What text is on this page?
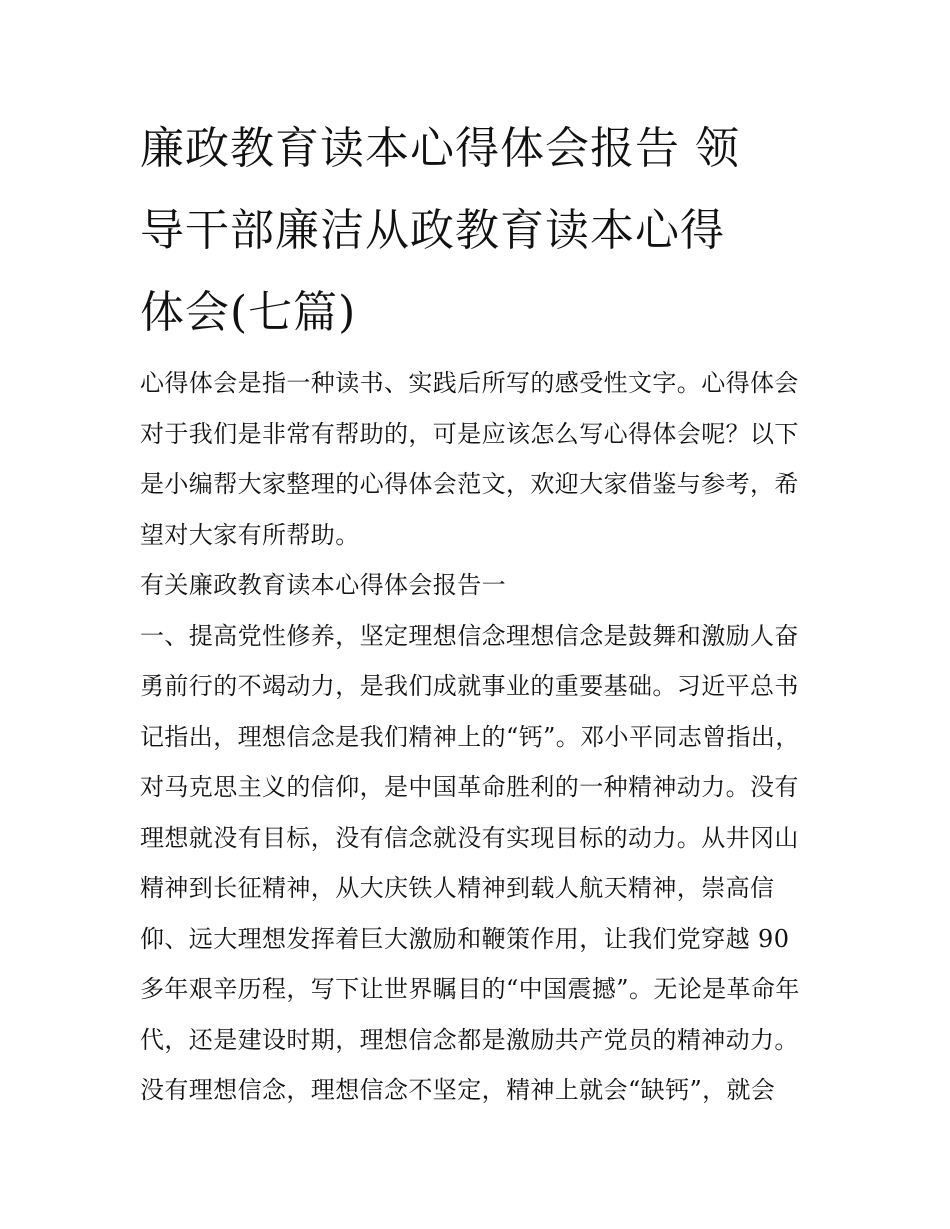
廉政教育读本心得体会报告 领
导干部廉洁从政教育读本心得
体会(七篇)
心得体会是指一种读书、实践后所写的感受性文字。心得体会
对于我们是非常有帮助的，可是应该怎么写心得体会呢？以下
是小编帮大家整理的心得体会范文，欢迎大家借鉴与参考，希
望对大家有所帮助。
有关廉政教育读本心得体会报告一
一、提高党性修养，坚定理想信念理想信念是鼓舞和激励人奋
勇前行的不竭动力，是我们成就事业的重要基础。习近平总书
记指出，理想信念是我们精神上的“钙”。邓小平同志曾指出，
对马克思主义的信仰，是中国革命胜利的一种精神动力。没有
理想就没有目标，没有信念就没有实现目标的动力。从井冈山
精神到长征精神，从大庆铁人精神到载人航天精神，崇高信
仰、远大理想发挥着巨大激励和鞭策作用，让我们党穿越 90
多年艰辛历程，写下让世界瞩目的“中国震撼”。无论是革命年
代，还是建设时期，理想信念都是激励共产党员的精神动力。
没有理想信念，理想信念不坚定，精神上就会“缺钙”，就会
